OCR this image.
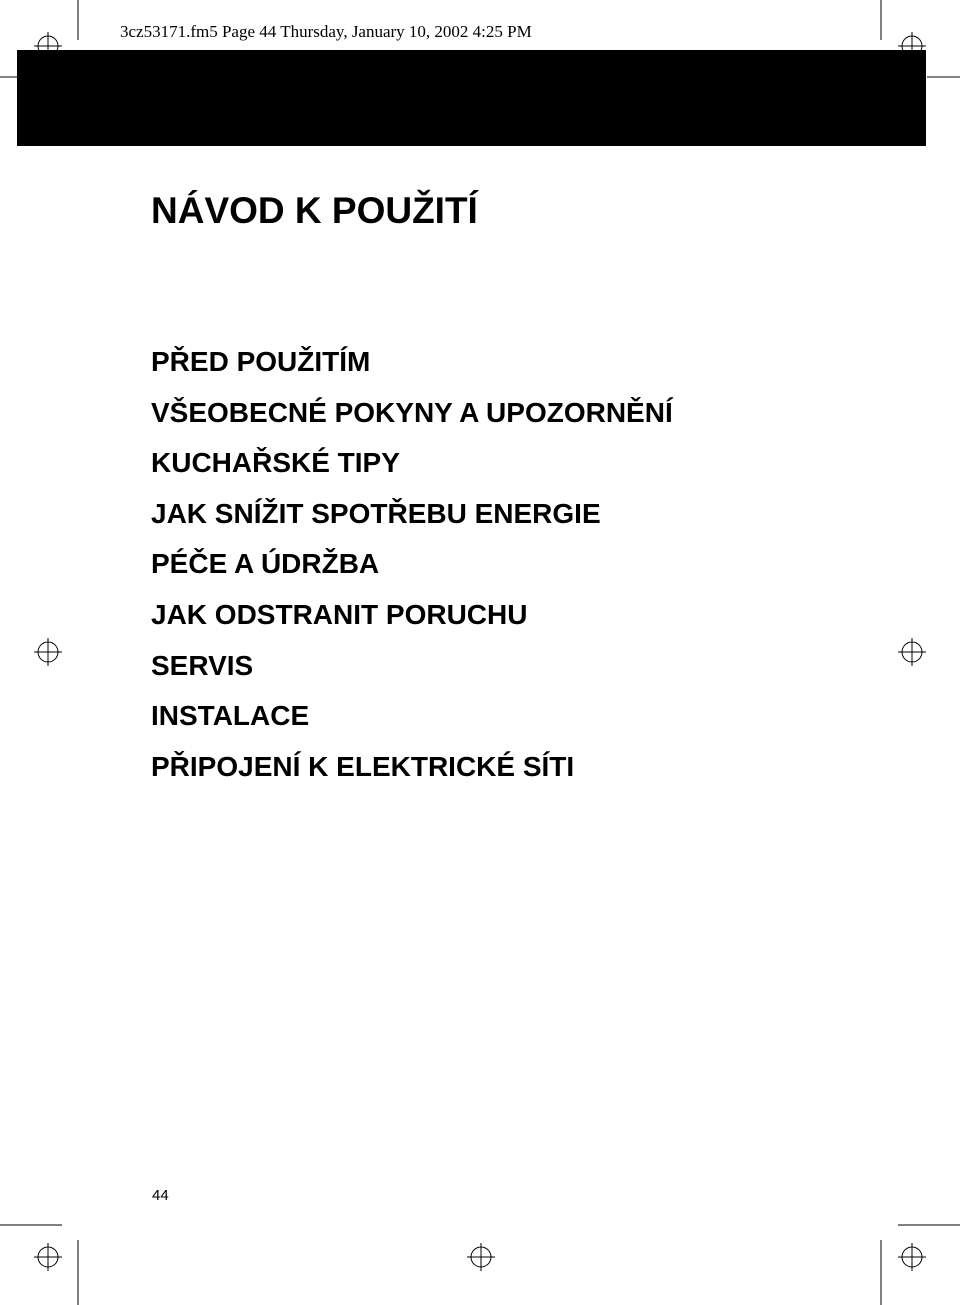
3cz53171.fm5 Page 44 Thursday, January 10, 2002 4:25 PM
NÁVOD K POUŽITÍ
PŘED POUŽITÍM
VŠEOBECNÉ POKYNY A UPOZORNĚNÍ
KUCHAŘSKÉ TIPY
JAK SNÍŽIT SPOTŘEBU ENERGIE
PÉČE A ÚDRŽBA
JAK ODSTRANIT PORUCHU
SERVIS
INSTALACE
PŘIPOJENÍ K ELEKTRICKÉ SÍTI
44
